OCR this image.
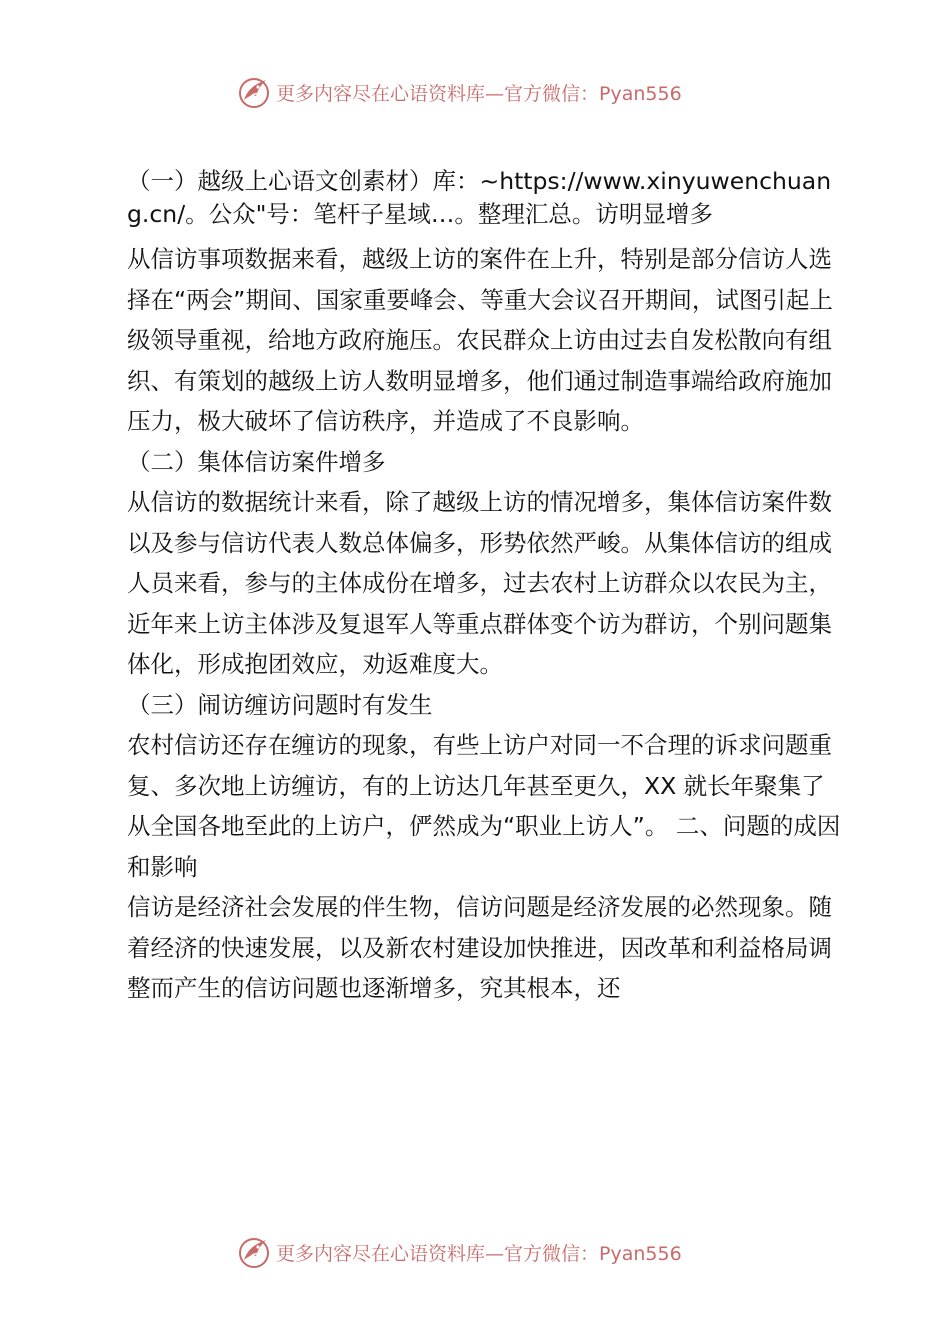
更多内容尽在心语资料库—官方微信：Pyan556

（一）越级上心语文创素材）库：~https://www.xinyuwenchuang.cn/。公众"号：笔杆子星域…。整理汇总。访明显增多

从信访事项数据来看，越级上访的案件在上升，特别是部分信访人选择在“两会”期间、国家重要峰会、等重大会议召开期间，试图引起上级领导重视，给地方政府施压。农民群众上访由过去自发松散向有组织、有策划的越级上访人数明显增多，他们通过制造事端给政府施加压力，极大破坏了信访秩序，并造成了不良影响。

（二）集体信访案件增多

从信访的数据统计来看，除了越级上访的情况增多，集体信访案件数以及参与信访代表人数总体偏多，形势依然严峻。从集体信访的组成人员来看，参与的主体成份在增多，过去农村上访群众以农民为主，近年来上访主体涉及复退军人等重点群体变个访为群访，个别问题集体化，形成抱团效应，劝返难度大。

（三）闹访缠访问题时有发生

农村信访还存在缠访的现象，有些上访户对同一不合理的诉求问题重复、多次地上访缠访，有的上访达几年甚至更久，XX 就长年聚集了从全国各地至此的上访户，俨然成为“职业上访人”。 二、问题的成因和影响

信访是经济社会发展的伴生物，信访问题是经济发展的必然现象。随着经济的快速发展，以及新农村建设加快推进，因改革和利益格局调整而产生的信访问题也逐渐增多，究其根本，还

更多内容尽在心语资料库—官方微信：Pyan556
